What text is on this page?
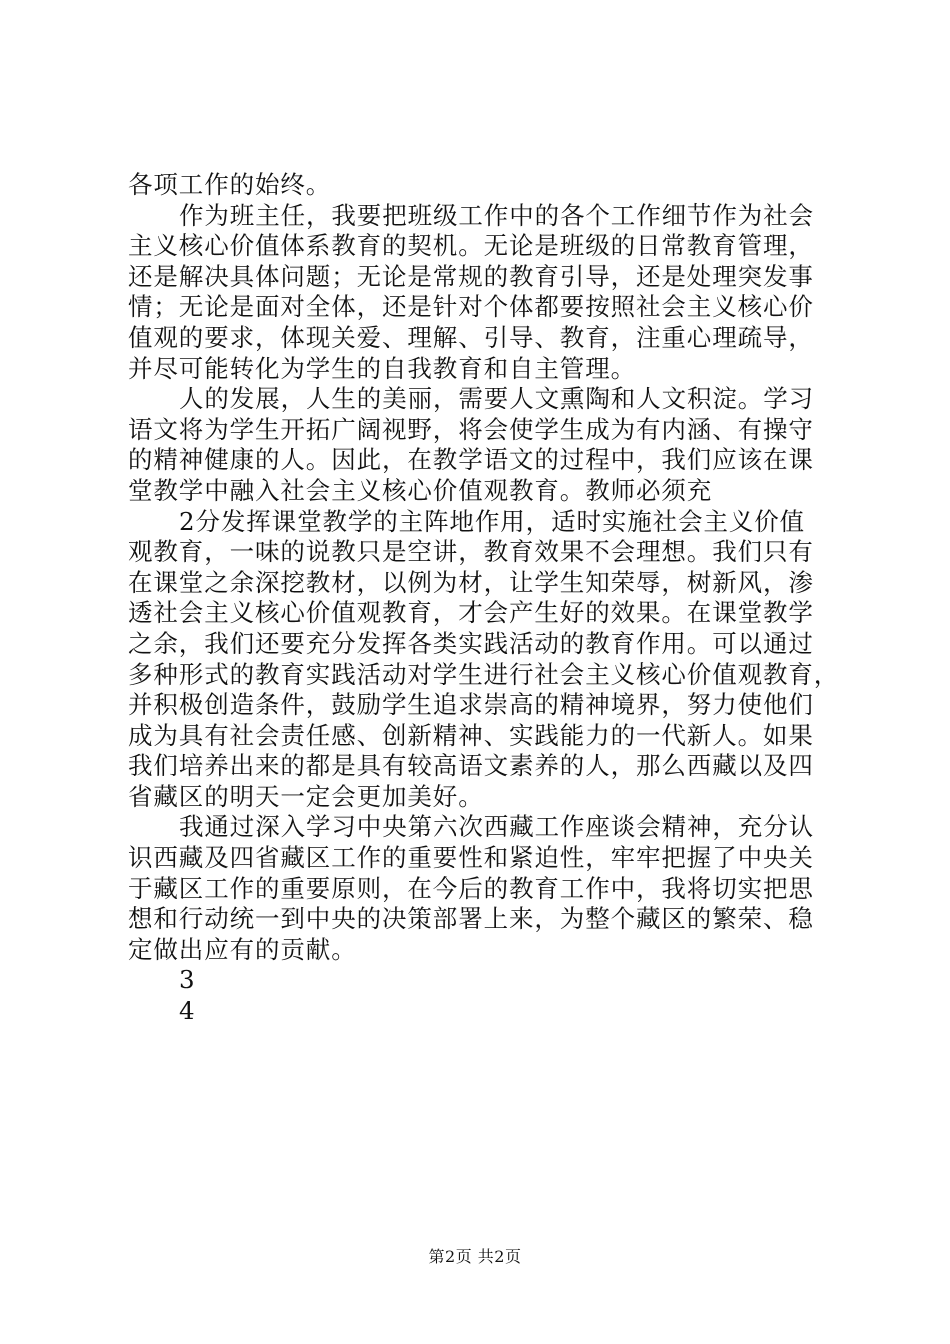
各项工作的始终。
作为班主任，我要把班级工作中的各个工作细节作为社会
主义核心价值体系教育的契机。无论是班级的日常教育管理，
还是解决具体问题；无论是常规的教育引导，还是处理突发事
情；无论是面对全体，还是针对个体都要按照社会主义核心价
值观的要求，体现关爱、理解、引导、教育，注重心理疏导，
并尽可能转化为学生的自我教育和自主管理。
人的发展，人生的美丽，需要人文熏陶和人文积淀。学习
语文将为学生开拓广阔视野，将会使学生成为有内涵、有操守
的精神健康的人。因此，在教学语文的过程中，我们应该在课
堂教学中融入社会主义核心价值观教育。教师必须充
2分发挥课堂教学的主阵地作用，适时实施社会主义价值
观教育，一味的说教只是空讲，教育效果不会理想。我们只有
在课堂之余深挖教材，以例为材，让学生知荣辱，树新风，渗
透社会主义核心价值观教育，才会产生好的效果。在课堂教学
之余，我们还要充分发挥各类实践活动的教育作用。可以通过
多种形式的教育实践活动对学生进行社会主义核心价值观教育，
并积极创造条件，鼓励学生追求崇高的精神境界，努力使他们
成为具有社会责任感、创新精神、实践能力的一代新人。如果
我们培养出来的都是具有较高语文素养的人，那么西藏以及四
省藏区的明天一定会更加美好。
我通过深入学习中央第六次西藏工作座谈会精神，充分认
识西藏及四省藏区工作的重要性和紧迫性，牢牢把握了中央关
于藏区工作的重要原则，在今后的教育工作中，我将切实把思
想和行动统一到中央的决策部署上来，为整个藏区的繁荣、稳
定做出应有的贡献。
3
4
第2页 共2页
